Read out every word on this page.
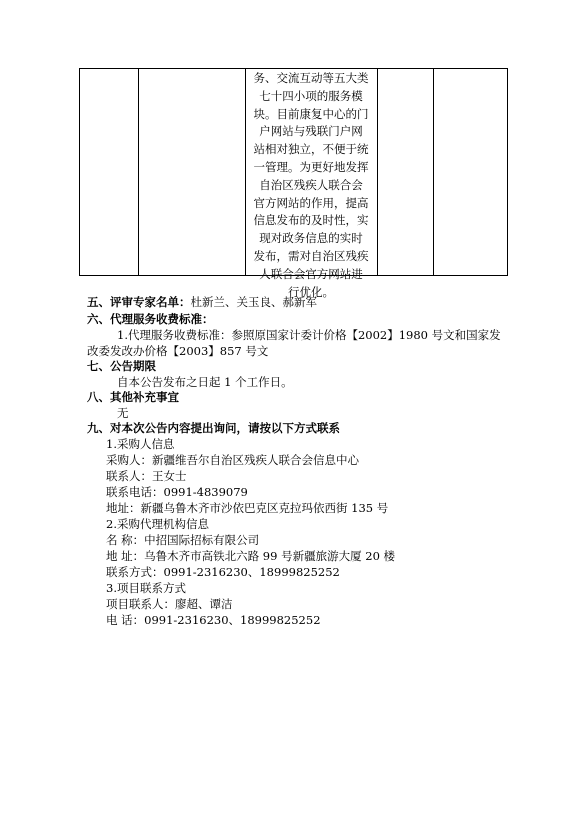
务、交流互动等五大类
七十四小项的服务模
块。目前康复中心的门
户网站与残联门户网
站相对独立，不便于统
一管理。为更好地发挥
自治区残疾人联合会
官方网站的作用，提高
信息发布的及时性，实
现对政务信息的实时
发布，需对自治区残疾
人联合会官方网站进
行优化。
五、评审专家名单：杜新兰、关玉良、郝新军
六、代理服务收费标准：
1.代理服务收费标准：参照原国家计委计价格【2002】1980 号文和国家发
改委发改办价格【2003】857 号文
七、公告期限
自本公告发布之日起 1 个工作日。
八、其他补充事宜
无
九、对本次公告内容提出询问，请按以下方式联系
1.采购人信息
采购人：新疆维吾尔自治区残疾人联合会信息中心
联系人：王女士
联系电话：0991-4839079
地址：新疆乌鲁木齐市沙依巴克区克拉玛依西街 135 号
2.采购代理机构信息
名 称：中招国际招标有限公司
地 址：乌鲁木齐市高铁北六路 99 号新疆旅游大厦 20 楼
联系方式：0991-2316230、18999825252
3.项目联系方式
项目联系人：廖超、谭洁
电 话：0991-2316230、18999825252
